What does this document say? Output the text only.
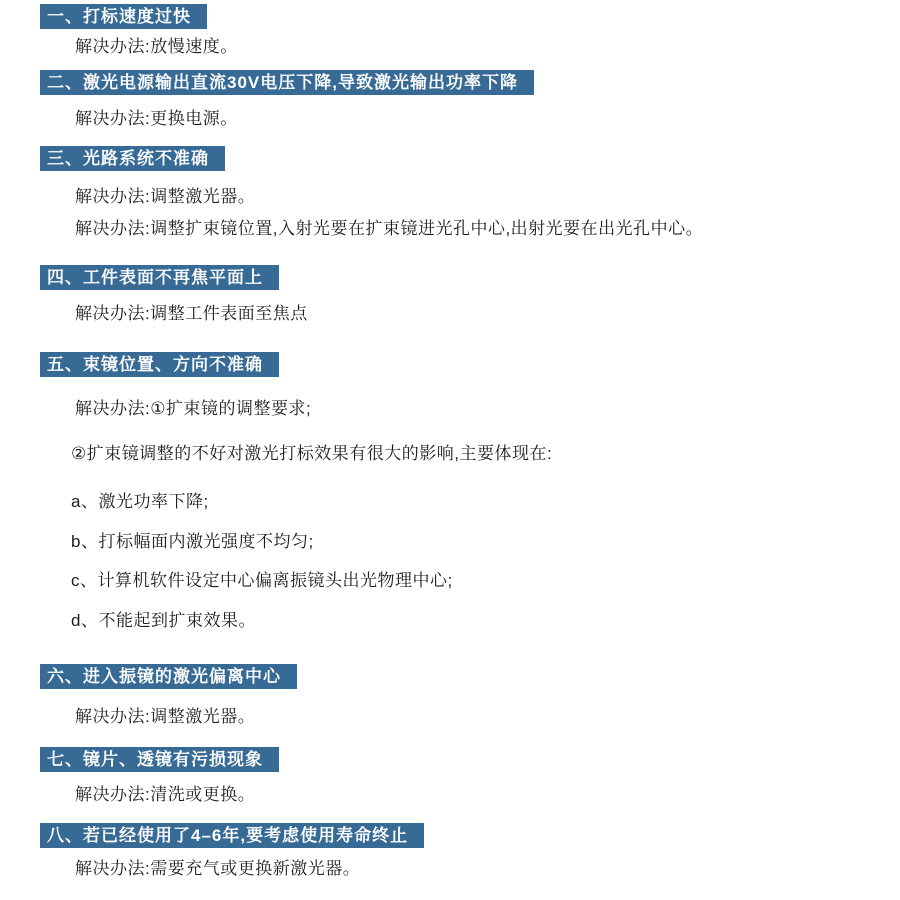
一、打标速度过快
解决办法:放慢速度。
二、激光电源输出直流30V电压下降,导致激光输出功率下降
解决办法:更换电源。
三、光路系统不准确
解决办法:调整激光器。
解决办法:调整扩束镜位置,入射光要在扩束镜进光孔中心,出射光要在出光孔中心。
四、工件表面不再焦平面上
解决办法:调整工件表面至焦点
五、束镜位置、方向不准确
解决办法:①扩束镜的调整要求;
②扩束镜调整的不好对激光打标效果有很大的影响,主要体现在:
a、激光功率下降;
b、打标幅面内激光强度不均匀;
c、计算机软件设定中心偏离振镜头出光物理中心;
d、不能起到扩束效果。
六、进入振镜的激光偏离中心
解决办法:调整激光器。
七、镜片、透镜有污损现象
解决办法:清洗或更换。
八、若已经使用了4–6年,要考虑使用寿命终止
解决办法:需要充气或更换新激光器。
